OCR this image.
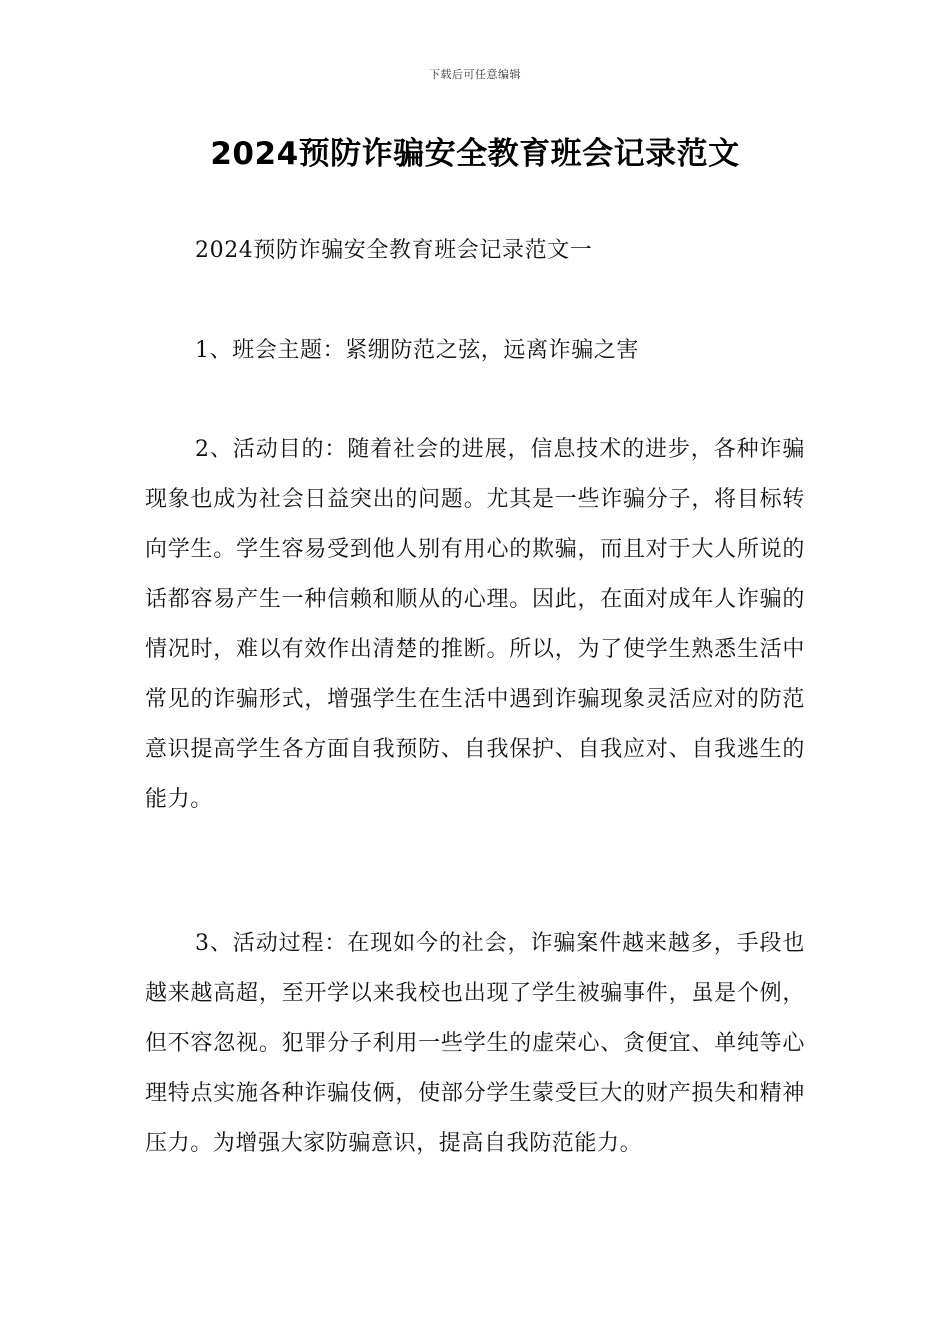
下载后可任意编辑
2024预防诈骗安全教育班会记录范文

2024预防诈骗安全教育班会记录范文一

1、班会主题：紧绷防范之弦，远离诈骗之害

2、活动目的：随着社会的进展，信息技术的进步，各种诈骗现象也成为社会日益突出的问题。尤其是一些诈骗分子，将目标转向学生。学生容易受到他人别有用心的欺骗，而且对于大人所说的话都容易产生一种信赖和顺从的心理。因此，在面对成年人诈骗的情况时，难以有效作出清楚的推断。所以，为了使学生熟悉生活中常见的诈骗形式，增强学生在生活中遇到诈骗现象灵活应对的防范意识提高学生各方面自我预防、自我保护、自我应对、自我逃生的能力。

3、活动过程：在现如今的社会，诈骗案件越来越多，手段也越来越高超，至开学以来我校也出现了学生被骗事件，虽是个例，但不容忽视。犯罪分子利用一些学生的虚荣心、贪便宜、单纯等心理特点实施各种诈骗伎俩，使部分学生蒙受巨大的财产损失和精神压力。为增强大家防骗意识，提高自我防范能力。
